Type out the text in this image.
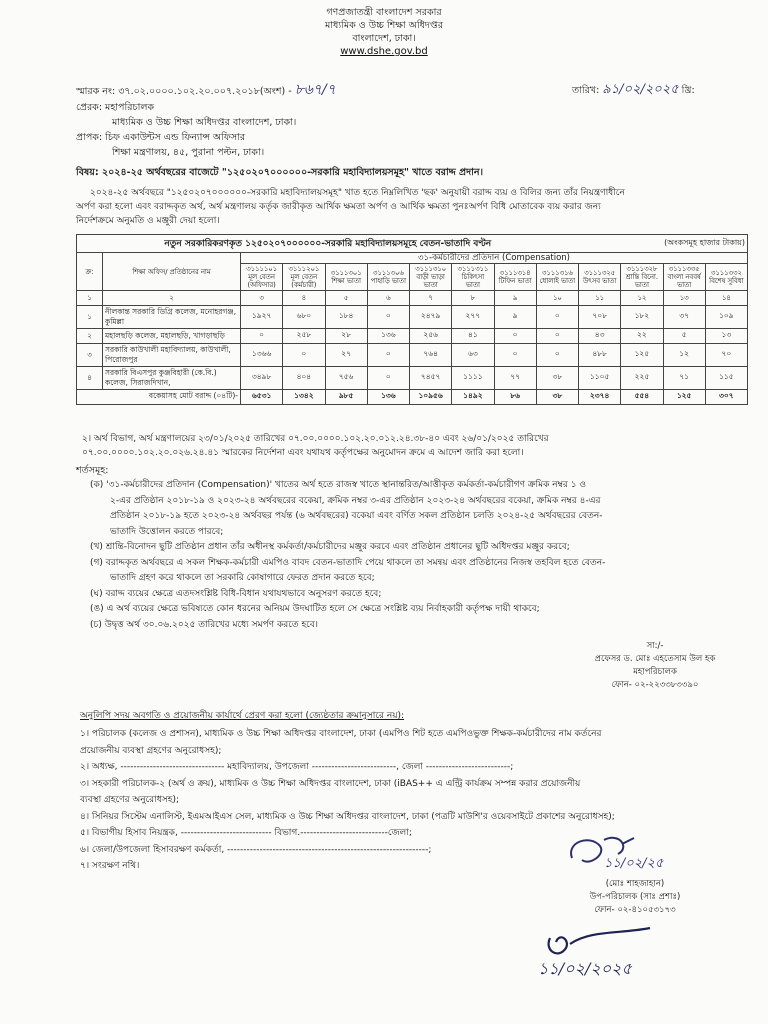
গণপ্রজাতন্ত্রী বাংলাদেশ সরকার
মাধ্যমিক ও উচ্চ শিক্ষা অধিদপ্তর
বাংলাদেশ, ঢাকা।
www.dshe.gov.bd
স্মারক নং: ৩৭.০২.০০০০.১০২.২০.০০৭.২০১৮(অংশ) - ৮৬৭/৭	তারিখ: ৯১/০২/২০২৫ খ্রি:
প্রেরক: মহাপরিচালক
মাধ্যমিক ও উচ্চ শিক্ষা অধিদপ্তর বাংলাদেশ, ঢাকা।
প্রাপক: চিফ একাউন্টস এন্ড ফিন্যান্স অফিসার
শিক্ষা মন্ত্রণালয়, ৪৫, পুরানা পল্টন, ঢাকা।
বিষয়: ২০২৪-২৫ অর্থবছরের বাজেটে "১২৫০২০৭০০০০০০-সরকারি মহাবিদ্যালয়সমূহ" খাতে বরাদ্দ প্রদান।
২০২৪-২৫ অর্থবছরে "১২৫০২০৭০০০০০০-সরকারি মহাবিদ্যালয়সমূহ" খাত হতে নিম্নলিখিত 'ছক' অনুযায়ী বরাদ্দ ব্যয় ও বিলির জন্য তাঁর নিয়ন্ত্রণাধীনে
অর্পণ করা হলো এবং বরাদ্দকৃত অর্থ, অর্থ মন্ত্রণালয় কর্তৃক জারীকৃত আর্থিক ক্ষমতা অর্পণ ও আর্থিক ক্ষমতা পুনঃঅর্পণ বিধি মোতাবেক ব্যয় করার জন্য
নির্দেশক্রমে অনুমতি ও মঞ্জুরী দেয়া হলো।
নতুন সরকারিকরণকৃত ১২৫০২০৭০০০০০০-সরকারি মহাবিদ্যালয়সমূহে বেতন-ভাতাদি বণ্টন										(অংকসমূহ হাজার টাকায়)			
ক্র:	শিক্ষা অফিস/ প্রতিষ্ঠানের নাম	৩১-কর্মচারীদের প্রতিদান (Compensation)											
		৩১১১১০১ মূল বেতন (অফিসার)	৩১১১২০১ মূল বেতন (কর্মচারী)	৩১১১৩০১ শিক্ষা ভাতা	৩১১১৩০৬ পাহাড়ি ভাতা	৩১১১৩১০ বাড়ী ভাড়া ভাতা	৩১১১৩১১ চিকিৎসা ভাতা	৩১১১৩১৪ টিফিন ভাতা	৩১১১৩১৬ ধোলাই ভাতা	৩১১১৩২৫ উৎসব ভাতা	৩১১১৩২৮ শ্রান্তি বিনো. ভাতা	৩১১১৩৩৫ বাংলা নববর্ষ ভাতা	৩১১১৩৩২ বিশেষ সুবিধা
১	২	৩	৪	৫	৬	৭	৮	৯	১০	১১	১২	১৩	১৪
১	নীলকান্ত সরকারি ডিগ্রি কলেজ, মনোহরগঞ্জ, কুমিল্লা	১৯২৭	৬৮০	১৮৪	০	২৪৭৯	২৭৭	৯	০	৭০৮	১৮২	৩৭	১০৯
২	মহালছড়ি কলেজ, মহালছড়ি, খাগড়াছড়ি	০	২৫৮	২৮	১৩৬	২৫৬	৪১	০	০	৪৩	২২	৫	১৩
৩	সরকারি কাউখালী মহাবিদ্যালয়, কাউখালী, পিরোজপুর	১৩৬৬	০	২৭	০	৭৬৪	৬৩	০	০	৪৮৮	১২৫	১২	৭০
৪	সরকারি বিএসপুর কুঞ্জবিহারী (কে.বি.) কলেজ, সিরাজদিখান,	৩৪৯৮	৪০৪	৭৫৬	০	৭৪৫৭	১১১১	৭৭	৩৮	১১০৫	২২৫	৭১	১১৫
বকেয়াসহ মোট বরাদ্দ (০৪টি)-		৬৫৩১	১৩৪২	৯৮৫	১৩৬	১০৯৫৬	১৪৯২	৮৬	৩৮	২৩৭৪	৫৫৪	১২৫	৩০৭
২। অর্থ বিভাগ, অর্থ মন্ত্রণালয়ের ২৩/০১/২০২৫ তারিখের ০৭.০০.০০০০.১০২.২০.০১২.২৪.৩৮-৪০ এবং ২৬/০১/২০২৫ তারিখের
০৭.০০.০০০০.১০২.২০.০২৬.২৪.৪১ স্মারকের নির্দেশনা এবং যথাযথ কর্তৃপক্ষের অনুমোদন ক্রমে এ আদেশ জারি করা হলো।
শর্তসমূহ:
(ক) '৩১-কর্মচারীদের প্রতিদান (Compensation)' খাতের অর্থ হতে রাজস্ব খাতে স্থানান্তরিত/আত্তীকৃত কর্মকর্তা-কর্মচারীগণ ক্রমিক নম্বর ১ ও
২-এর প্রতিষ্ঠান ২০১৮-১৯ ও ২০২৩-২৪ অর্থবছরের বকেয়া, ক্রমিক নম্বর ৩-এর প্রতিষ্ঠান ২০২৩-২৪ অর্থবছরের বকেয়া, ক্রমিক নম্বর ৪-এর
প্রতিষ্ঠান ২০১৮-১৯ হতে ২০২৩-২৪ অর্থবছর পর্যন্ত (৬ অর্থবছরের) বকেয়া এবং বর্ণিত সকল প্রতিষ্ঠান চলতি ২০২৪-২৫ অর্থবছরের বেতন-
ভাতাদি উত্তোলন করতে পারবে;
(খ) শ্রান্তি-বিনোদন ছুটি প্রতিষ্ঠান প্রধান তাঁর অধীনস্থ কর্মকর্তা/কর্মচারীদের মঞ্জুর করবে এবং প্রতিষ্ঠান প্রধানের ছুটি অধিদপ্তর মঞ্জুর করবে;
(গ) বরাদ্দকৃত অর্থবছরে এ সকল শিক্ষক-কর্মচারী এমপিও বাবদ বেতন-ভাতাদি পেয়ে থাকলে তা সমন্বয় এবং প্রতিষ্ঠানের নিজস্ব তহবিল হতে বেতন-
ভাতাদি গ্রহণ করে থাকলে তা সরকারি কোষাগারে ফেরত প্রদান করতে হবে;
(ঘ) বরাদ্দ ব্যয়ের ক্ষেত্রে এতদসংশ্লিষ্ট বিধি-বিধান যথাযথভাবে অনুসরণ করতে হবে;
(ঙ) এ অর্থ ব্যয়ের ক্ষেত্রে ভবিষ্যতে কোন ধরনের অনিয়ম উদঘাটিত হলে সে ক্ষেত্রে সংশ্লিষ্ট ব্যয় নির্বাহকারী কর্তৃপক্ষ দায়ী থাকবে;
(চ) উদ্বৃত্ত অর্থ ৩০.০৬.২০২৫ তারিখের মধ্যে সমর্পণ করতে হবে।
সা:/-
প্রফেসর ড. মোঃ এহতেসাম উল হক
মহাপরিচালক
ফোন- ০২-২২৩৩৮৩৩৯০
অনুলিপি সদয় অবগতি ও প্রয়োজনীয় কার্যার্থে প্রেরণ করা হলো (জ্যেষ্ঠতার ক্রমানুসারে নয়):
১। পরিচালক (কলেজ ও প্রশাসন), মাধ্যমিক ও উচ্চ শিক্ষা অধিদপ্তর বাংলাদেশ, ঢাকা (এমপিও শিট হতে এমপিওভুক্ত শিক্ষক-কর্মচারীদের নাম কর্তনের
প্রয়োজনীয় ব্যবস্থা গ্রহণের অনুরোধসহ);
২। অধ্যক্ষ, -------------------------------- মহাবিদ্যালয়, উপজেলা --------------------------, জেলা --------------------------;
৩। সহকারী পরিচালক-২ (অর্থ ও ক্রয়), মাধ্যমিক ও উচ্চ শিক্ষা অধিদপ্তর বাংলাদেশ, ঢাকা (iBAS++ এ এন্ট্রি কার্যক্রম সম্পন্ন করার প্রয়োজনীয়
ব্যবস্থা গ্রহণের অনুরোধসহ);
৪। সিনিয়র সিস্টেম এনালিস্ট, ইএমআইএস সেল, মাধ্যমিক ও উচ্চ শিক্ষা অধিদপ্তর বাংলাদেশ, ঢাকা (পত্রটি মাউশি'র ওয়েবসাইটে প্রকাশের অনুরোধসহ);
৫। বিভাগীয় হিসাব নিয়ন্ত্রক, ---------------------------- বিভাগ.---------------------------জেলা;
৬। জেলা/উপজেলা হিসাবরক্ষণ কর্মকর্তা, --------------------------------------------------------------;
৭। সংরক্ষণ নথি।	১১/০২/২৫
(মোঃ শাহজাহান)
উপ-পরিচালক (সাঃ প্রশাঃ)
ফোন- ০২-৪১০৫৩১৭৩
১১/০২/২০২৫
